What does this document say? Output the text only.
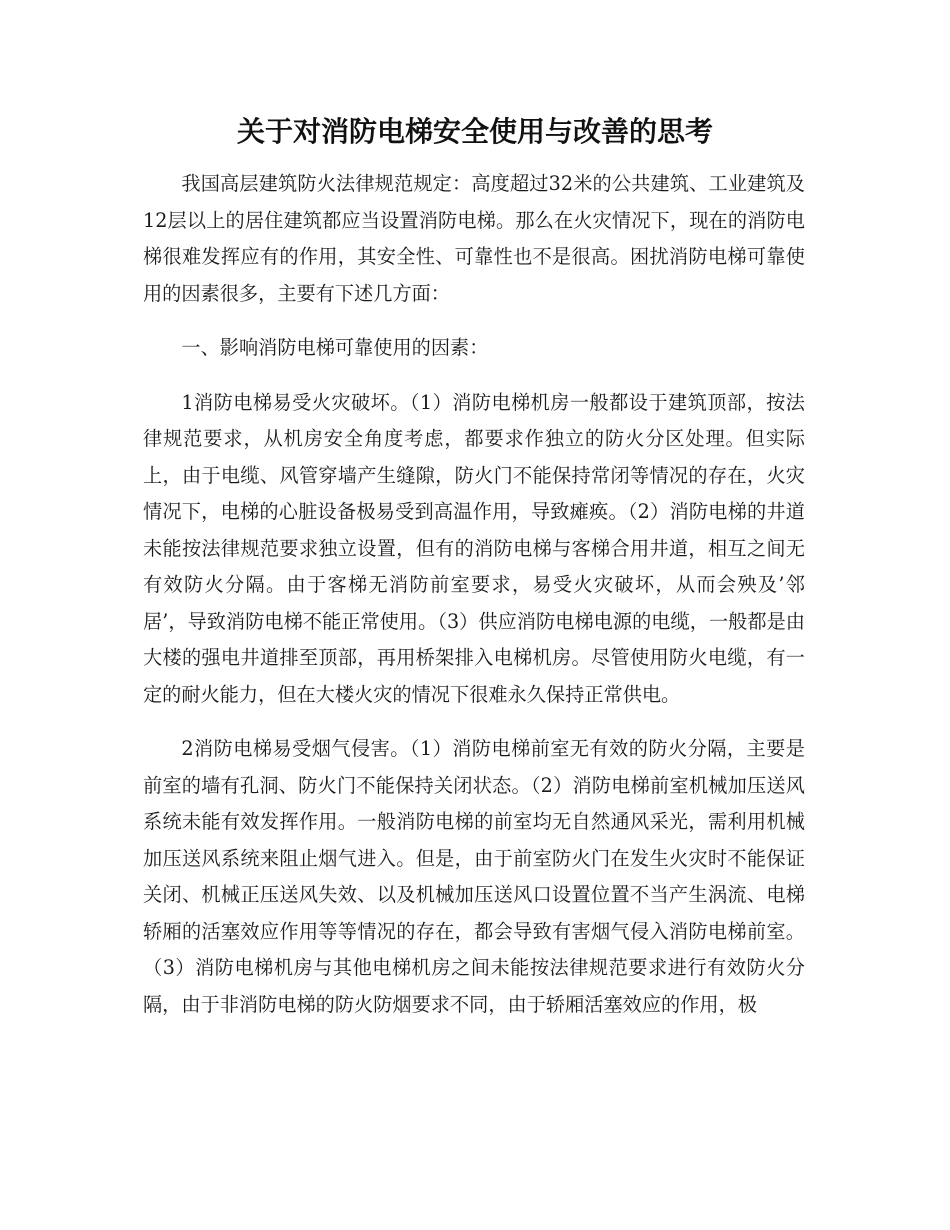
关于对消防电梯安全使用与改善的思考

我国高层建筑防火法律规范规定：高度超过32米的公共建筑、工业建筑及12层以上的居住建筑都应当设置消防电梯。那么在火灾情况下，现在的消防电梯很难发挥应有的作用，其安全性、可靠性也不是很高。困扰消防电梯可靠使用的因素很多，主要有下述几方面：

一、影响消防电梯可靠使用的因素：

1消防电梯易受火灾破坏。（1）消防电梯机房一般都设于建筑顶部，按法律规范要求，从机房安全角度考虑，都要求作独立的防火分区处理。但实际上，由于电缆、风管穿墙产生缝隙，防火门不能保持常闭等情况的存在，火灾情况下，电梯的心脏设备极易受到高温作用，导致瘫痪。（2）消防电梯的井道未能按法律规范要求独立设置，但有的消防电梯与客梯合用井道，相互之间无有效防火分隔。由于客梯无消防前室要求，易受火灾破坏，从而会殃及’邻居’，导致消防电梯不能正常使用。（3）供应消防电梯电源的电缆，一般都是由大楼的强电井道排至顶部，再用桥架排入电梯机房。尽管使用防火电缆，有一定的耐火能力，但在大楼火灾的情况下很难永久保持正常供电。

2消防电梯易受烟气侵害。（1）消防电梯前室无有效的防火分隔，主要是前室的墙有孔洞、防火门不能保持关闭状态。（2）消防电梯前室机械加压送风系统未能有效发挥作用。一般消防电梯的前室均无自然通风采光，需利用机械加压送风系统来阻止烟气进入。但是，由于前室防火门在发生火灾时不能保证关闭、机械正压送风失效、以及机械加压送风口设置位置不当产生涡流、电梯轿厢的活塞效应作用等等情况的存在，都会导致有害烟气侵入消防电梯前室。（3）消防电梯机房与其他电梯机房之间未能按法律规范要求进行有效防火分隔，由于非消防电梯的防火防烟要求不同，由于轿厢活塞效应的作用，极
